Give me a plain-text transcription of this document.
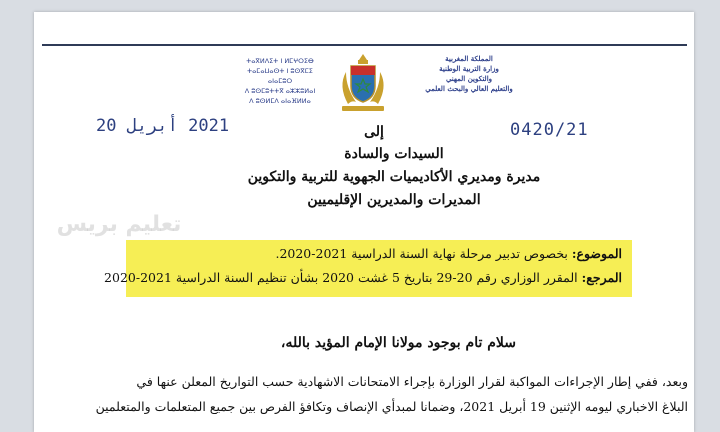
ⵜⴰⴳⵍⴷⵉⵜ ⵏ ⵍⵎⵖⵔⵉⴱ
ⵜⴰⵎⴰⵡⴰⵙⵜ ⵏ ⵓⵙⴳⵎⵉ ⴰⵏⴰⵎⵓⵔ
ⴷ ⵓⵙⵎⵓⵜⵜⴳ ⴰⵣⵣⵓⵍⴰⵏ
ⴷ ⵓⵙⵍⵎⴷ ⴰⵏⴰⴼⵍⵍⴰ
المملكة المغربية
وزارة التربية الوطنية
والتكوين المهني
والتعليم العالي والبحث العلمي
2021 أبريل 20	0420/21
إلى
السيدات والسادة
مديرة ومديري الأكاديميات الجهوية للتربية والتكوين
المديرات والمديرين الإقليميين
تعليم بريس
الموضوع: بخصوص تدبير مرحلة نهاية السنة الدراسية 2021-2020.
المرجع: المقرر الوزاري رقم 20-29 بتاريخ 5 غشت 2020 بشأن تنظيم السنة الدراسية 2021-2020
سلام تام بوجود مولانا الإمام المؤيد بالله،
وبعد، ففي إطار الإجراءات المواكبة لقرار الوزارة بإجراء الامتحانات الاشهادية حسب التواريخ المعلن عنها في
البلاغ الاخباري ليومه الإثنين 19 أبريل 2021، وضمانا لمبدأي الإنصاف وتكافؤ الفرص بين جميع المتعلمات والمتعلمين
